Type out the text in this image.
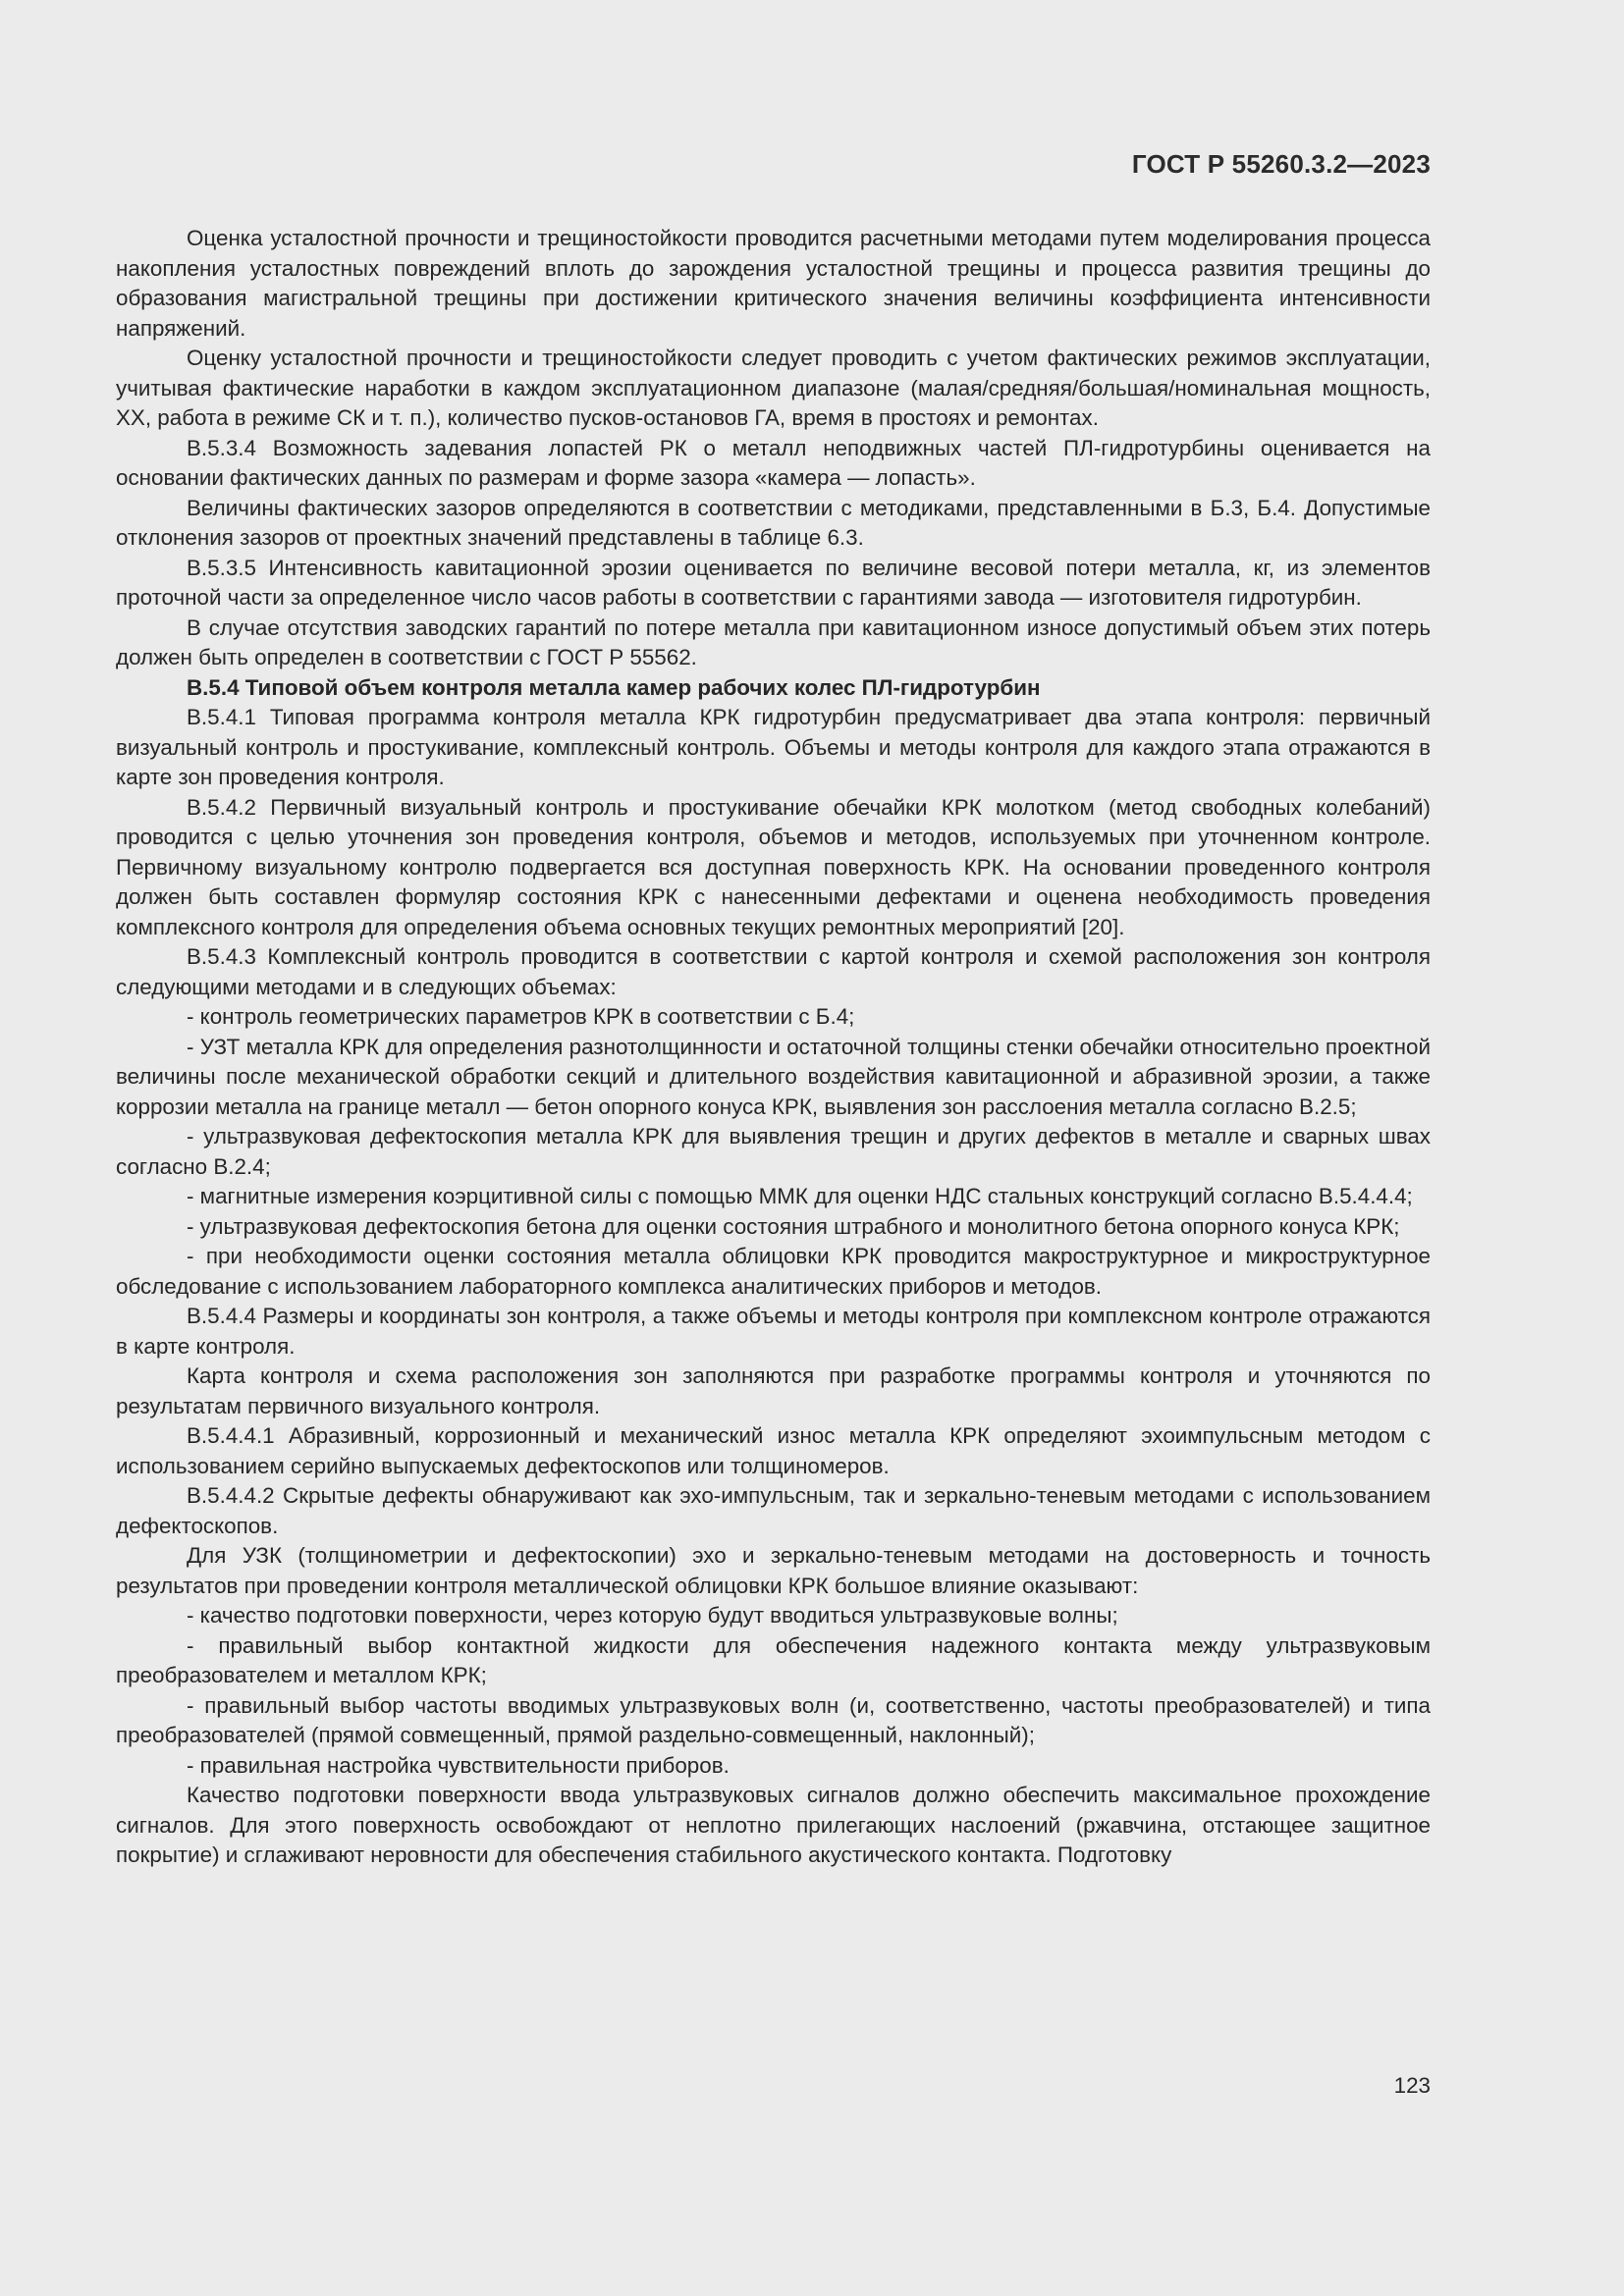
ГОСТ Р 55260.3.2—2023

Оценка усталостной прочности и трещиностойкости проводится расчетными методами путем моделирования процесса накопления усталостных повреждений вплоть до зарождения усталостной трещины и процесса развития трещины до образования магистральной трещины при достижении критического значения величины коэффициента интенсивности напряжений.

Оценку усталостной прочности и трещиностойкости следует проводить с учетом фактических режимов эксплуатации, учитывая фактические наработки в каждом эксплуатационном диапазоне (малая/средняя/большая/номинальная мощность, ХХ, работа в режиме СК и т. п.), количество пусков-остановов ГА, время в простоях и ремонтах.

В.5.3.4 Возможность задевания лопастей РК о металл неподвижных частей ПЛ-гидротурбины оценивается на основании фактических данных по размерам и форме зазора «камера — лопасть».

Величины фактических зазоров определяются в соответствии с методиками, представленными в Б.3, Б.4. Допустимые отклонения зазоров от проектных значений представлены в таблице 6.3.

В.5.3.5 Интенсивность кавитационной эрозии оценивается по величине весовой потери металла, кг, из элементов проточной части за определенное число часов работы в соответствии с гарантиями завода — изготовителя гидротурбин.

В случае отсутствия заводских гарантий по потере металла при кавитационном износе допустимый объем этих потерь должен быть определен в соответствии с ГОСТ Р 55562.

В.5.4 Типовой объем контроля металла камер рабочих колес ПЛ-гидротурбин

В.5.4.1 Типовая программа контроля металла КРК гидротурбин предусматривает два этапа контроля: первичный визуальный контроль и простукивание, комплексный контроль. Объемы и методы контроля для каждого этапа отражаются в карте зон проведения контроля.

В.5.4.2 Первичный визуальный контроль и простукивание обечайки КРК молотком (метод свободных колебаний) проводится с целью уточнения зон проведения контроля, объемов и методов, используемых при уточненном контроле. Первичному визуальному контролю подвергается вся доступная поверхность КРК. На основании проведенного контроля должен быть составлен формуляр состояния КРК с нанесенными дефектами и оценена необходимость проведения комплексного контроля для определения объема основных текущих ремонтных мероприятий [20].

В.5.4.3 Комплексный контроль проводится в соответствии с картой контроля и схемой расположения зон контроля следующими методами и в следующих объемах:

- контроль геометрических параметров КРК в соответствии с Б.4;

- УЗТ металла КРК для определения разнотолщинности и остаточной толщины стенки обечайки относительно проектной величины после механической обработки секций и длительного воздействия кавитационной и абразивной эрозии, а также коррозии металла на границе металл — бетон опорного конуса КРК, выявления зон расслоения металла согласно В.2.5;

- ультразвуковая дефектоскопия металла КРК для выявления трещин и других дефектов в металле и сварных швах согласно В.2.4;

- магнитные измерения коэрцитивной силы с помощью ММК для оценки НДС стальных конструкций согласно В.5.4.4.4;

- ультразвуковая дефектоскопия бетона для оценки состояния штрабного и монолитного бетона опорного конуса КРК;

- при необходимости оценки состояния металла облицовки КРК проводится макроструктурное и микроструктурное обследование с использованием лабораторного комплекса аналитических приборов и методов.

В.5.4.4 Размеры и координаты зон контроля, а также объемы и методы контроля при комплексном контроле отражаются в карте контроля.

Карта контроля и схема расположения зон заполняются при разработке программы контроля и уточняются по результатам первичного визуального контроля.

В.5.4.4.1 Абразивный, коррозионный и механический износ металла КРК определяют эхоимпульсным методом с использованием серийно выпускаемых дефектоскопов или толщиномеров.

В.5.4.4.2 Скрытые дефекты обнаруживают как эхо-импульсным, так и зеркально-теневым методами с использованием дефектоскопов.

Для УЗК (толщинометрии и дефектоскопии) эхо и зеркально-теневым методами на достоверность и точность результатов при проведении контроля металлической облицовки КРК большое влияние оказывают:

- качество подготовки поверхности, через которую будут вводиться ультразвуковые волны;

- правильный выбор контактной жидкости для обеспечения надежного контакта между ультразвуковым преобразователем и металлом КРК;

- правильный выбор частоты вводимых ультразвуковых волн (и, соответственно, частоты преобразователей) и типа преобразователей (прямой совмещенный, прямой раздельно-совмещенный, наклонный);

- правильная настройка чувствительности приборов.

Качество подготовки поверхности ввода ультразвуковых сигналов должно обеспечить максимальное прохождение сигналов. Для этого поверхность освобождают от неплотно прилегающих наслоений (ржавчина, отстающее защитное покрытие) и сглаживают неровности для обеспечения стабильного акустического контакта. Подготовку

123
